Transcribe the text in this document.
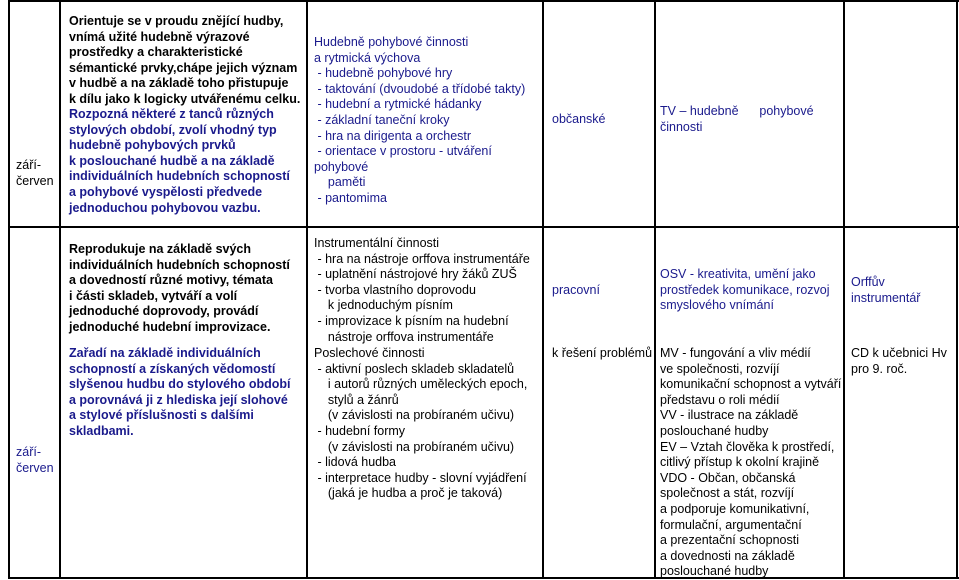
září-
červen
Orientuje se v proudu znějící hudby,
vnímá užité hudebně výrazové
prostředky a charakteristické
sémantické prvky,chápe jejich význam
v hudbě a na základě toho přistupuje
k dílu jako k logicky utvářenému celku.
Rozpozná některé z tanců různých
stylových období, zvolí vhodný typ
hudebně pohybových prvků
k poslouchané hudbě a na základě
individuálních hudebních schopností
a pohybové vyspělosti předvede
jednoduchou pohybovou vazbu.
Hudebně pohybové činnosti
a rytmická výchova
- hudebně pohybové hry
- taktování (dvoudobé a třídobé takty)
- hudební a rytmické hádanky
- základní taneční kroky
- hra na dirigenta a orchestr
- orientace v prostoru - utváření
pohybové
paměti
- pantomima
občanské
TV – hudebně      pohybové
činnosti
září-
červen
Reprodukuje na základě svých
individuálních hudebních schopností
a dovedností různé motivy, témata
i části skladeb, vytváří a volí
jednoduché doprovody, provádí
jednoduché hudební improvizace.
Zařadí na základě individuálních
schopností a získaných vědomostí
slyšenou hudbu do stylového období
a porovnává ji z hlediska její slohové
a stylové příslušnosti s dalšími
skladbami.
Instrumentální činnosti
- hra na nástroje orffova instrumentáře
- uplatnění nástrojové hry žáků ZUŠ
- tvorba vlastního doprovodu
k jednoduchým písním
- improvizace k písním na hudební
nástroje orffova instrumentáře
Poslechové činnosti
- aktivní poslech skladeb skladatelů
i autorů různých uměleckých epoch,
stylů a žánrů
(v závislosti na probíraném učivu)
- hudební formy
(v závislosti na probíraném učivu)
- lidová hudba
- interpretace hudby - slovní vyjádření
(jaká je hudba a proč je taková)
pracovní
k řešení problémů
OSV - kreativita, umění jako
prostředek komunikace, rozvoj
smyslového vnímání
MV - fungování a vliv médií
ve společnosti, rozvíjí
komunikační schopnost a vytváří
představu o roli médií
VV - ilustrace na základě
poslouchané hudby
EV – Vztah člověka k prostředí,
citlivý přístup k okolní krajině
VDO - Občan, občanská
společnost a stát, rozvíjí
a podporuje komunikativní,
formulační, argumentační
a prezentační schopnosti
a dovednosti na základě
poslouchané hudby
Orffův
instrumentář
CD k učebnici Hv
pro 9. roč.
